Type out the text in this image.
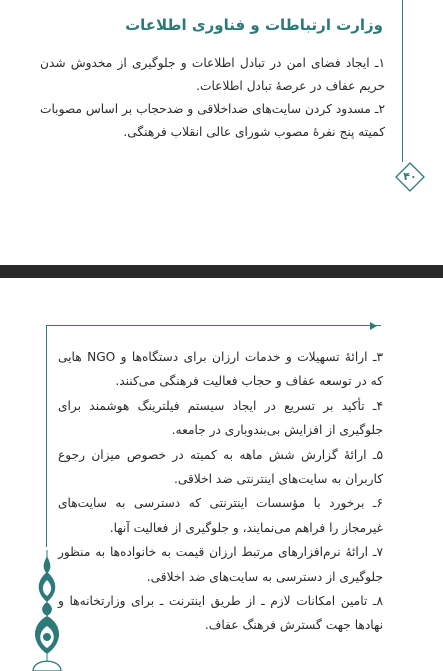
وزارت ارتباطات و فناوری اطلاعات

۱ـ ایجاد فضای امن در تبادل اطلاعات و جلوگیری از مخدوش شدن حریم عفاف در عرصهٔ تبادل اطلاعات.

۲ـ مسدود کردن سایت‌های ضداخلاقی و ضدحجاب بر اساس مصوبات کمیته پنج نفرهٔ مصوب شورای عالی انقلاب فرهنگی.

۴۰

۳ـ ارائهٔ تسهیلات و خدمات ارزان برای دستگاه‌ها و NGO هایی که در توسعه عفاف و حجاب فعالیت فرهنگی می‌کنند.

۴ـ تأکید بر تسریع در ایجاد سیستم فیلترینگ هوشمند برای جلوگیری از افزایش بی‌بندوباری در جامعه.

۵ـ ارائهٔ گزارش شش ماهه به کمیته در خصوص میزان رجوع کاربران به سایت‌های اینترنتی ضد اخلاقی.

۶ـ برخورد با مؤسسات اینترنتی که دسترسی به سایت‌های غیرمجاز را فراهم می‌نمایند، و جلوگیری از فعالیت آنها.

۷ـ ارائهٔ نرم‌افزارهای مرتبط ارزان قیمت به خانواده‌ها به منظور جلوگیری از دسترسی به سایت‌های ضد اخلاقی.

۸ـ تامین امکانات لازم ـ از طریق اینترنت ـ برای وزارتخانه‌ها و نهادها جهت گسترش فرهنگ عفاف.
